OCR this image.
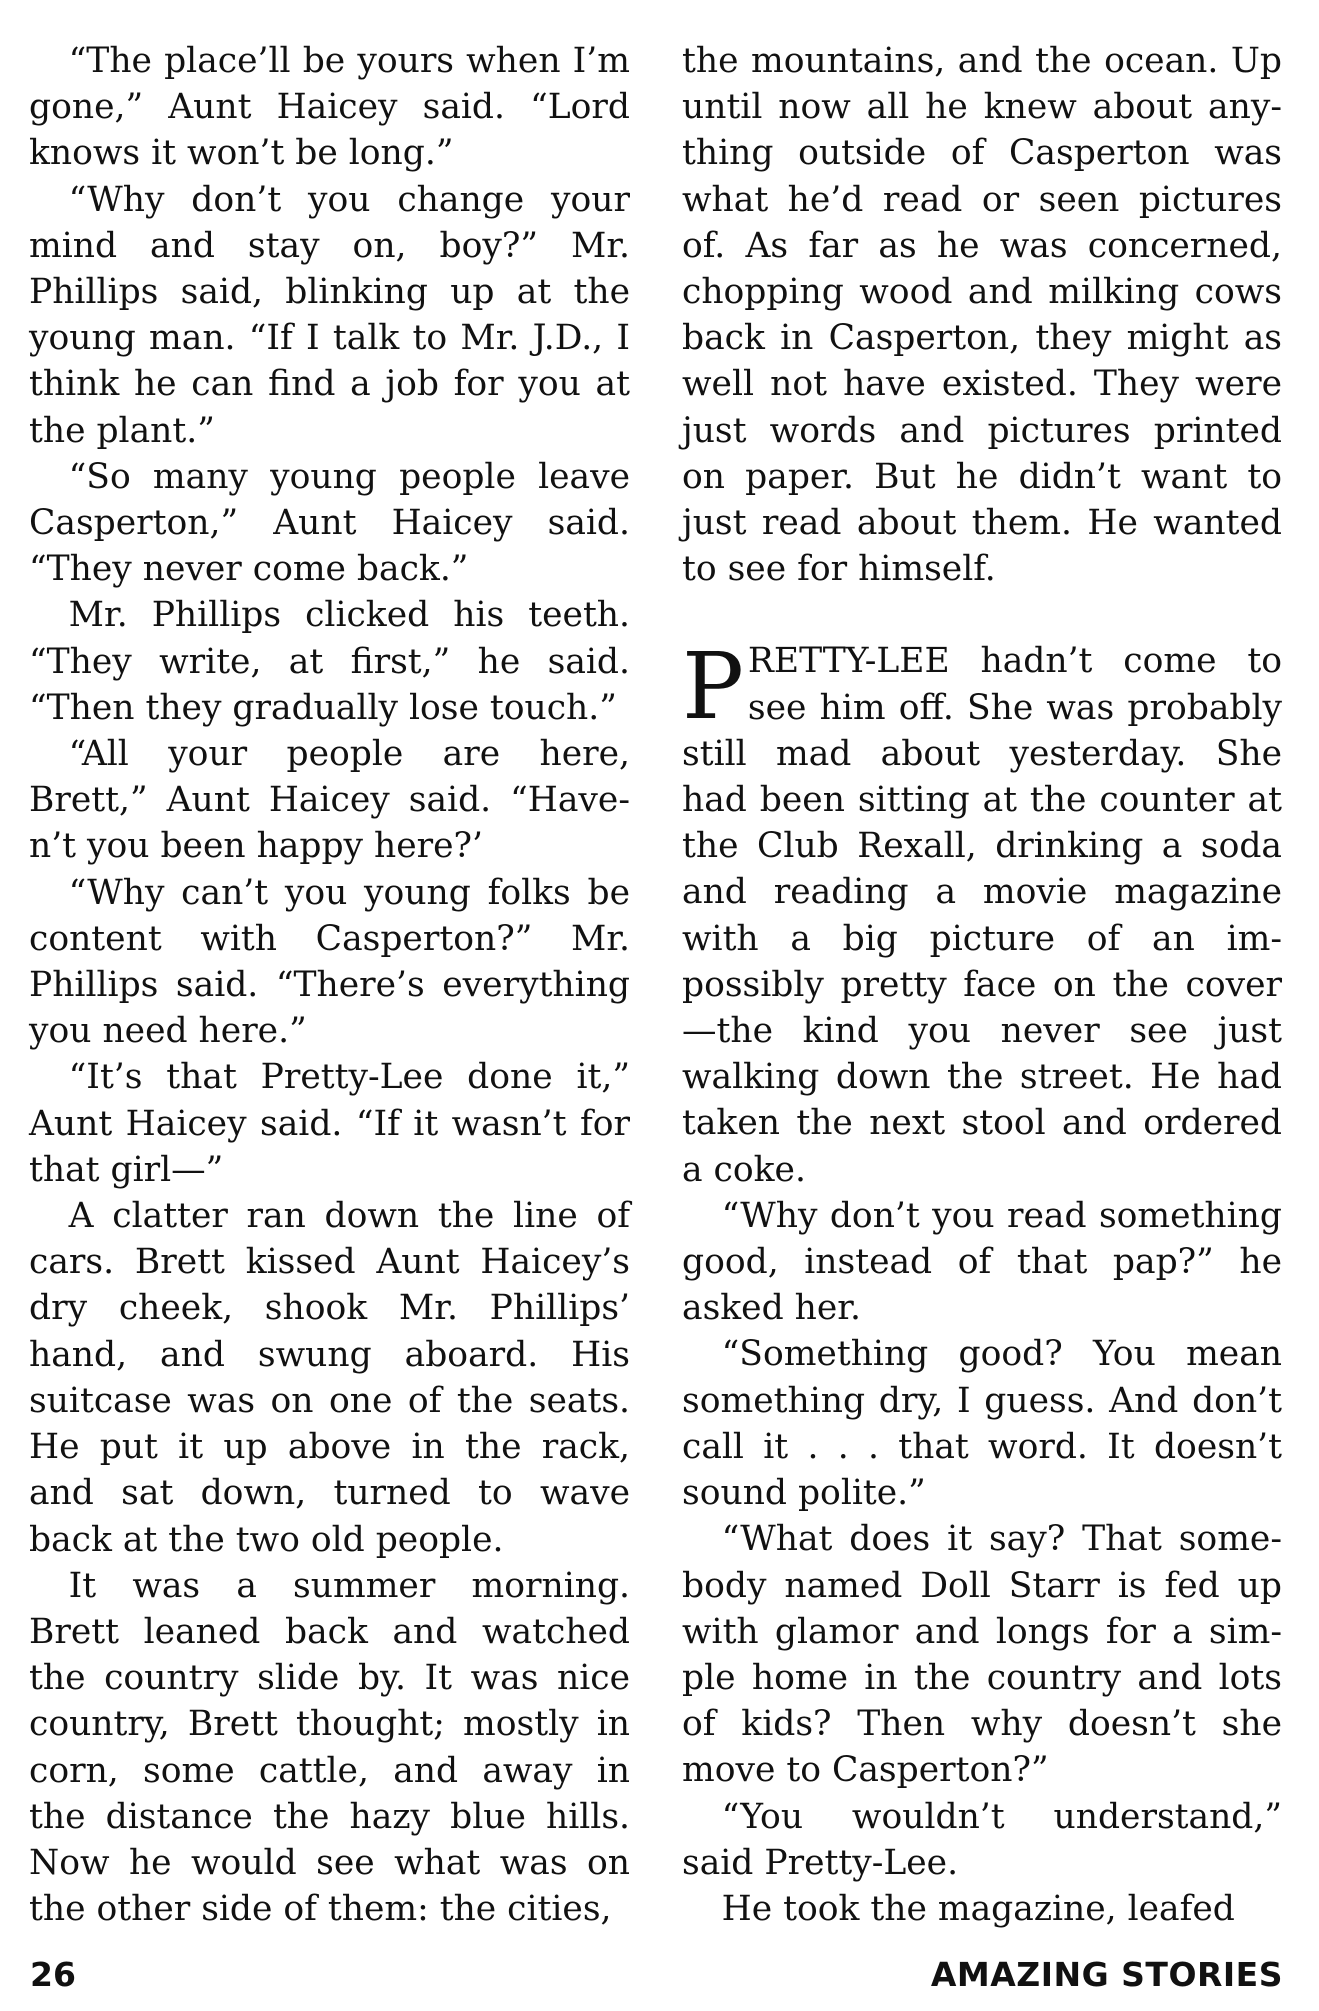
“The place’ll be yours when I’m gone,” Aunt Haicey said. “Lord knows it won’t be long.”

“Why don’t you change your mind and stay on, boy?” Mr. Phillips said, blinking up at the young man. “If I talk to Mr. J.D., I think he can find a job for you at the plant.”

“So many young people leave Casperton,” Aunt Haicey said. “They never come back.”

Mr. Phillips clicked his teeth. “They write, at first,” he said. “Then they gradually lose touch.”

“All your people are here, Brett,” Aunt Haicey said. “Haven’t you been happy here?’

“Why can’t you young folks be content with Casperton?” Mr. Phillips said. “There’s everything you need here.”

“It’s that Pretty-Lee done it,” Aunt Haicey said. “If it wasn’t for that girl—”

A clatter ran down the line of cars. Brett kissed Aunt Haicey’s dry cheek, shook Mr. Phillips’ hand, and swung aboard. His suitcase was on one of the seats. He put it up above in the rack, and sat down, turned to wave back at the two old people.

It was a summer morning. Brett leaned back and watched the country slide by. It was nice country, Brett thought; mostly in corn, some cattle, and away in the distance the hazy blue hills. Now he would see what was on the other side of them: the cities,

the mountains, and the ocean. Up until now all he knew about anything outside of Casperton was what he’d read or seen pictures of. As far as he was concerned, chopping wood and milking cows back in Casperton, they might as well not have existed. They were just words and pictures printed on paper. But he didn’t want to just read about them. He wanted to see for himself.

PRETTY-LEE hadn’t come to see him off. She was probably still mad about yesterday. She had been sitting at the counter at the Club Rexall, drinking a soda and reading a movie magazine with a big picture of an impossibly pretty face on the cover —the kind you never see just walking down the street. He had taken the next stool and ordered a coke.

“Why don’t you read something good, instead of that pap?” he asked her.

“Something good? You mean something dry, I guess. And don’t call it . . . that word. It doesn’t sound polite.”

“What does it say? That somebody named Doll Starr is fed up with glamor and longs for a simple home in the country and lots of kids? Then why doesn’t she move to Casperton?”

“You wouldn’t understand,” said Pretty-Lee.

He took the magazine, leafed

26	AMAZING STORIES
